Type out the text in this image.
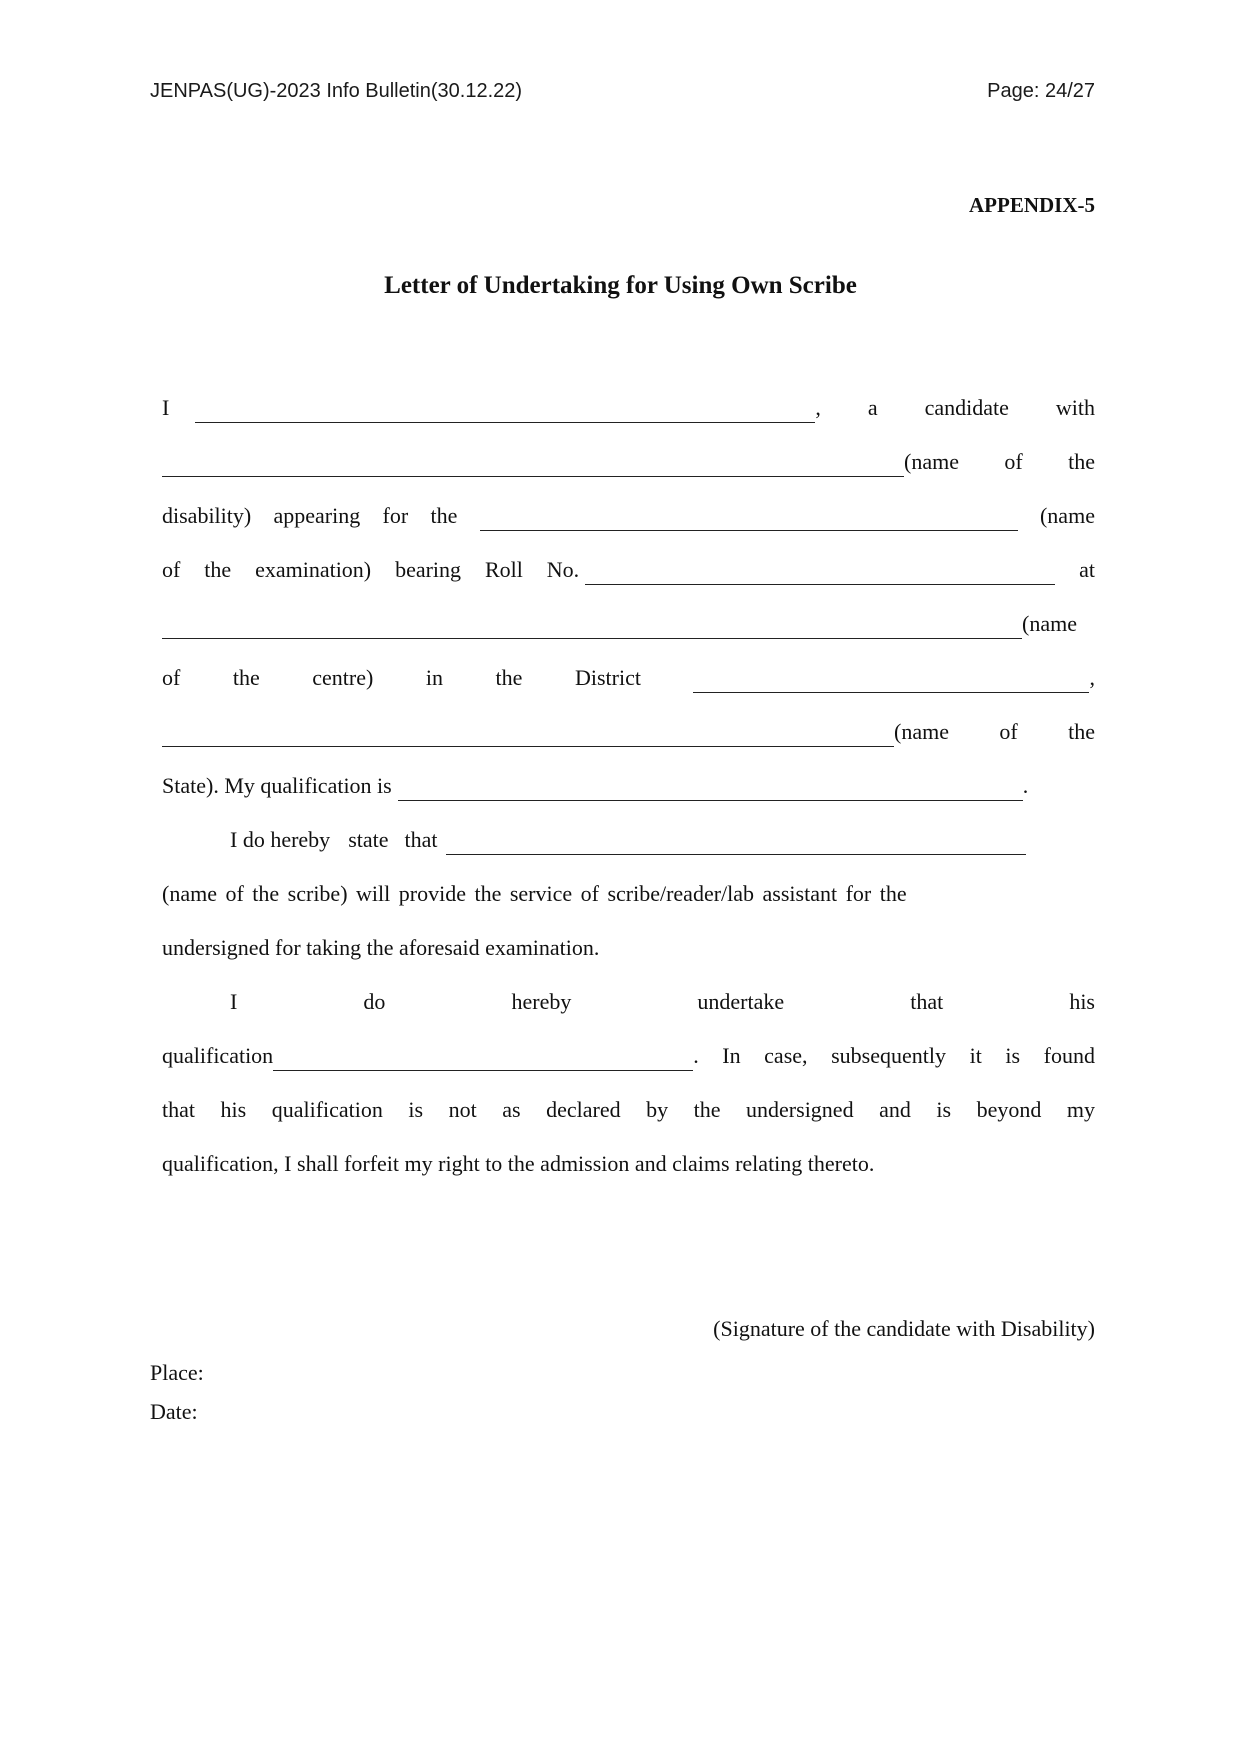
JENPAS(UG)-2023 Info Bulletin(30.12.22)	Page: 24/27
APPENDIX-5
Letter of Undertaking for Using Own Scribe
I	, a candidate with
(name of the
disability) appearing for the	(name
of the examination) bearing Roll No.	at
(name
of the centre) in the District	,
(name of the
State). My qualification is	.
I do hereby state that
(name of the scribe) will provide the service of scribe/reader/lab assistant for the
undersigned for taking the aforesaid examination.
I	do	hereby	undertake	that	his
qualification	. In case, subsequently it is found
that his qualification is not as declared by the undersigned and is beyond my
qualification, I shall forfeit my right to the admission and claims relating thereto.
(Signature of the candidate with Disability)
Place:
Date:
